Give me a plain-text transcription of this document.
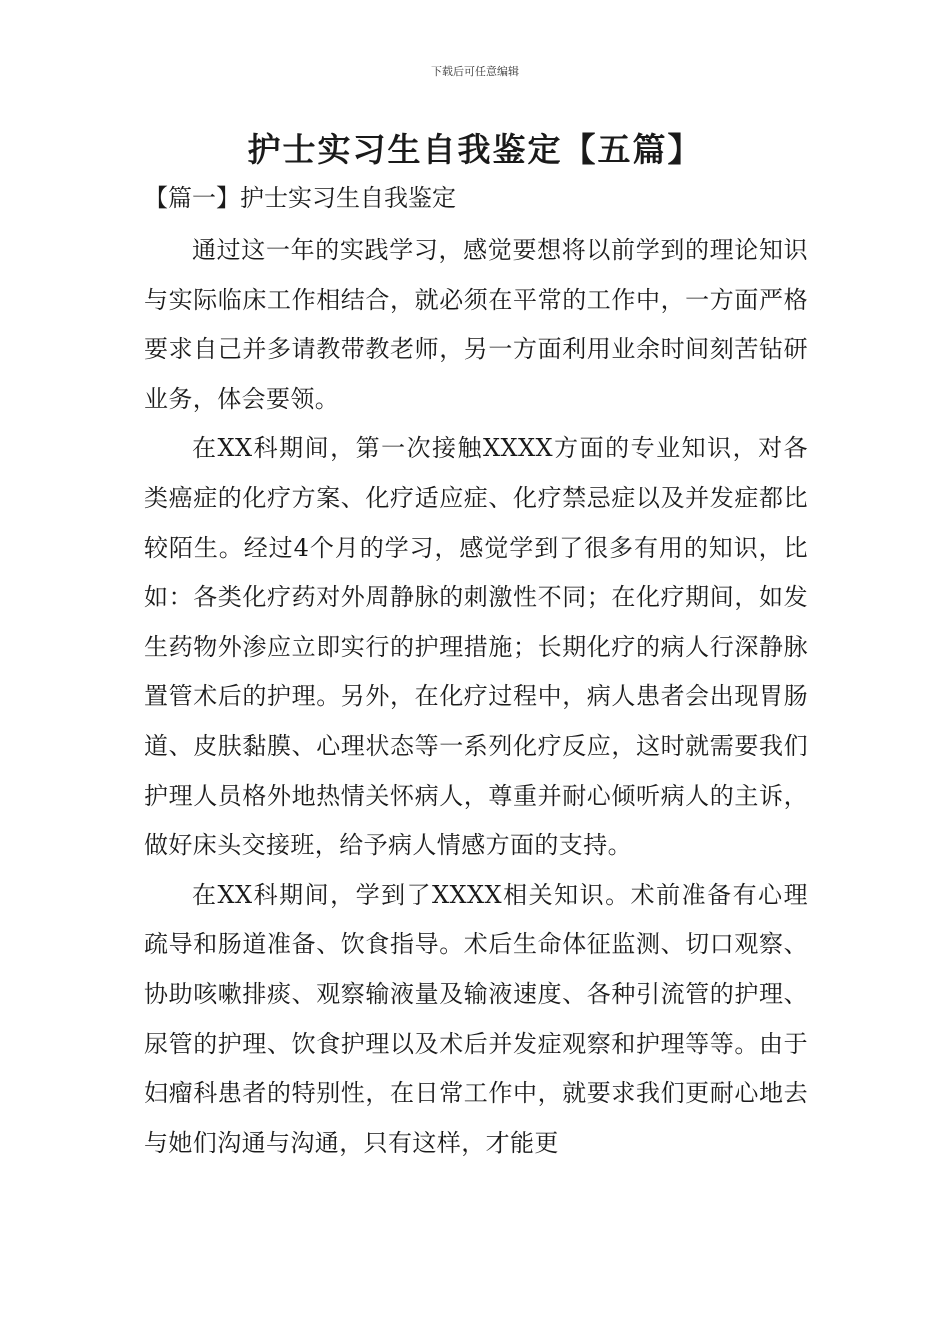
下载后可任意编辑
护士实习生自我鉴定【五篇】
【篇一】护士实习生自我鉴定

通过这一年的实践学习，感觉要想将以前学到的理论知识与实际临床工作相结合，就必须在平常的工作中，一方面严格要求自己并多请教带教老师，另一方面利用业余时间刻苦钻研业务，体会要领。

在XX科期间，第一次接触XXXX方面的专业知识，对各类癌症的化疗方案、化疗适应症、化疗禁忌症以及并发症都比较陌生。经过4个月的学习，感觉学到了很多有用的知识，比如：各类化疗药对外周静脉的刺激性不同；在化疗期间，如发生药物外渗应立即实行的护理措施；长期化疗的病人行深静脉置管术后的护理。另外，在化疗过程中，病人患者会出现胃肠道、皮肤黏膜、心理状态等一系列化疗反应，这时就需要我们护理人员格外地热情关怀病人，尊重并耐心倾听病人的主诉，做好床头交接班，给予病人情感方面的支持。

在XX科期间，学到了XXXX相关知识。术前准备有心理疏导和肠道准备、饮食指导。术后生命体征监测、切口观察、协助咳嗽排痰、观察输液量及输液速度、各种引流管的护理、尿管的护理、饮食护理以及术后并发症观察和护理等等。由于妇瘤科患者的特别性，在日常工作中，就要求我们更耐心地去与她们沟通与沟通，只有这样，才能更
